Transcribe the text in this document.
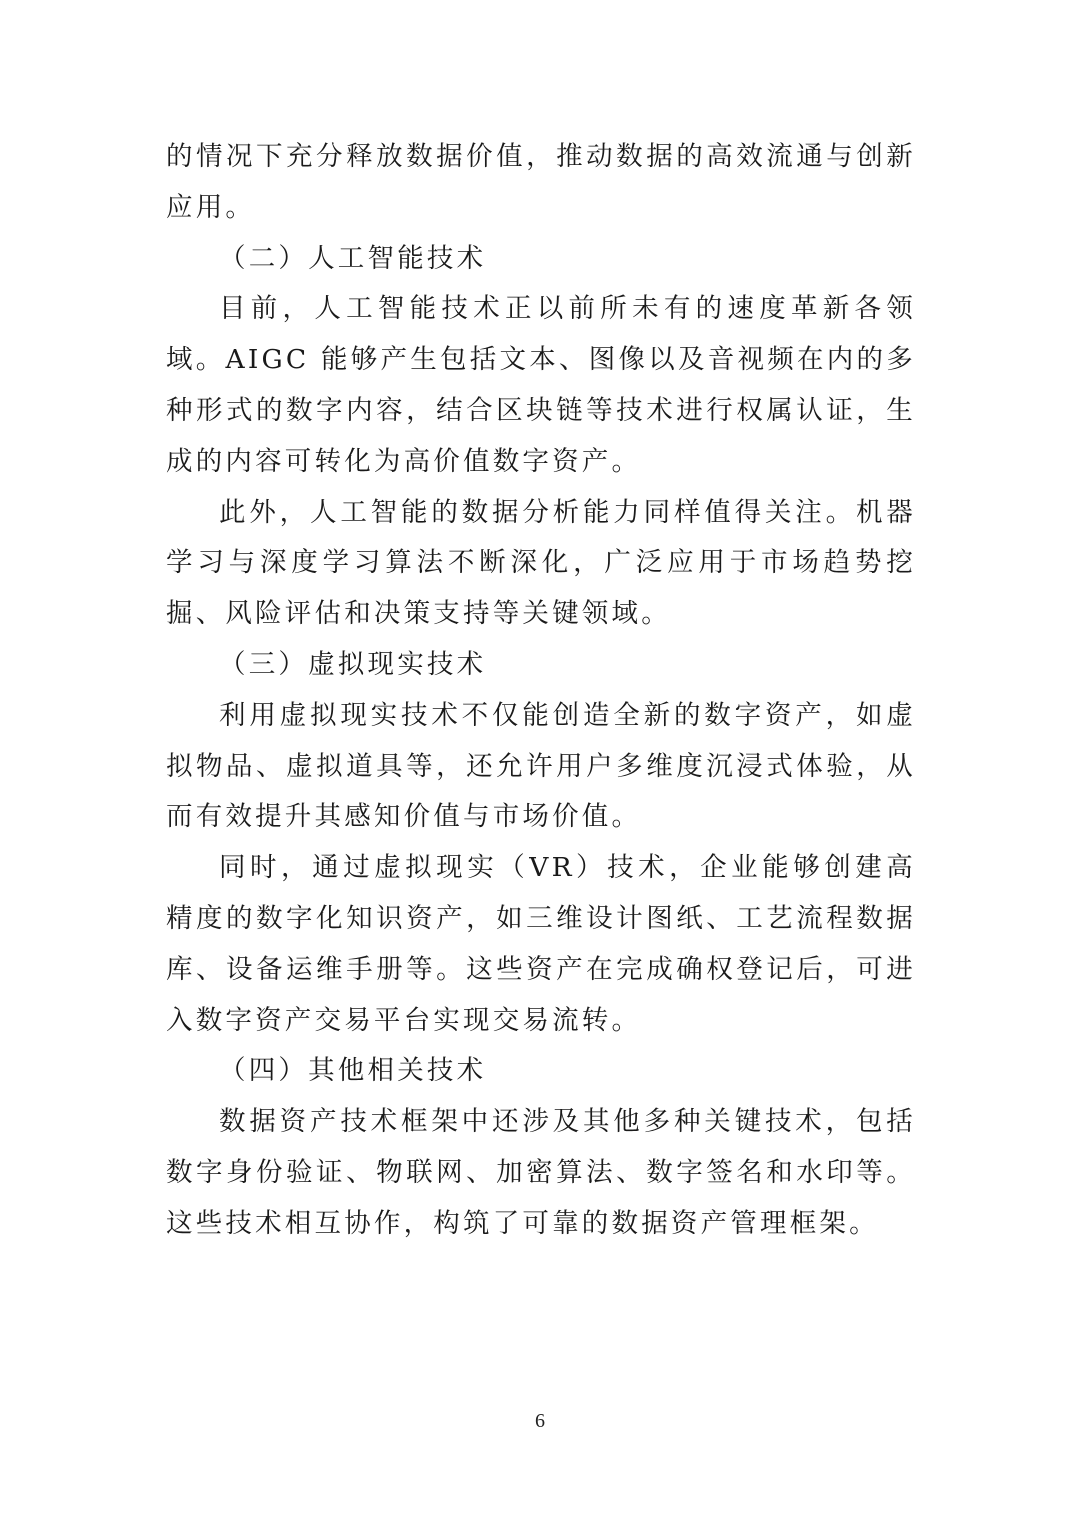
的情况下充分释放数据价值，推动数据的高效流通与创新应用。

（二）人工智能技术

目前，人工智能技术正以前所未有的速度革新各领域。AIGC 能够产生包括文本、图像以及音视频在内的多种形式的数字内容，结合区块链等技术进行权属认证，生成的内容可转化为高价值数字资产。

此外，人工智能的数据分析能力同样值得关注。机器学习与深度学习算法不断深化，广泛应用于市场趋势挖掘、风险评估和决策支持等关键领域。

（三）虚拟现实技术

利用虚拟现实技术不仅能创造全新的数字资产，如虚拟物品、虚拟道具等，还允许用户多维度沉浸式体验，从而有效提升其感知价值与市场价值。

同时，通过虚拟现实（VR）技术，企业能够创建高精度的数字化知识资产，如三维设计图纸、工艺流程数据库、设备运维手册等。这些资产在完成确权登记后，可进入数字资产交易平台实现交易流转。

（四）其他相关技术

数据资产技术框架中还涉及其他多种关键技术，包括数字身份验证、物联网、加密算法、数字签名和水印等。这些技术相互协作，构筑了可靠的数据资产管理框架。

6
